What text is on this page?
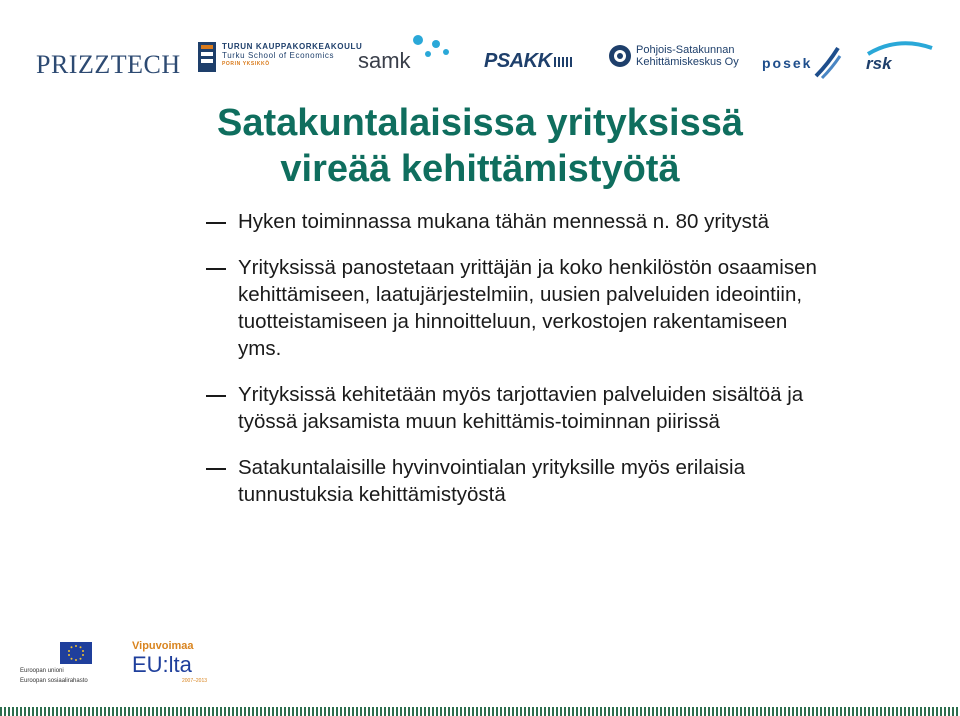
PRIZZTECH
TURUN KAUPPAKORKEAKOULU
Turku School of Economics
PORIN YKSIKKÖ	samk	PSAKK	Pohjois-Satakunnan
Kehittämiskeskus Oy posek	rsk
Satakuntalaisissa yrityksissä
vireää kehittämistyötä
Hyken toiminnassa mukana tähän mennessä n. 80 yritystä
Yrityksissä panostetaan yrittäjän ja koko henkilöstön osaamisen kehittämiseen, laatujärjestelmiin, uusien palveluiden ideointiin, tuotteistamiseen ja hinnoitteluun, verkostojen rakentamiseen yms.
Yrityksissä kehitetään myös tarjottavien palveluiden sisältöä ja työssä jaksamista muun kehittämis-toiminnan piirissä
Satakuntalaisille hyvinvointialan yrityksille myös erilaisia tunnustuksia kehittämistyöstä
Euroopan unioni
Euroopan sosiaalirahasto
Vipuvoimaa
EU:lta
2007–2013
